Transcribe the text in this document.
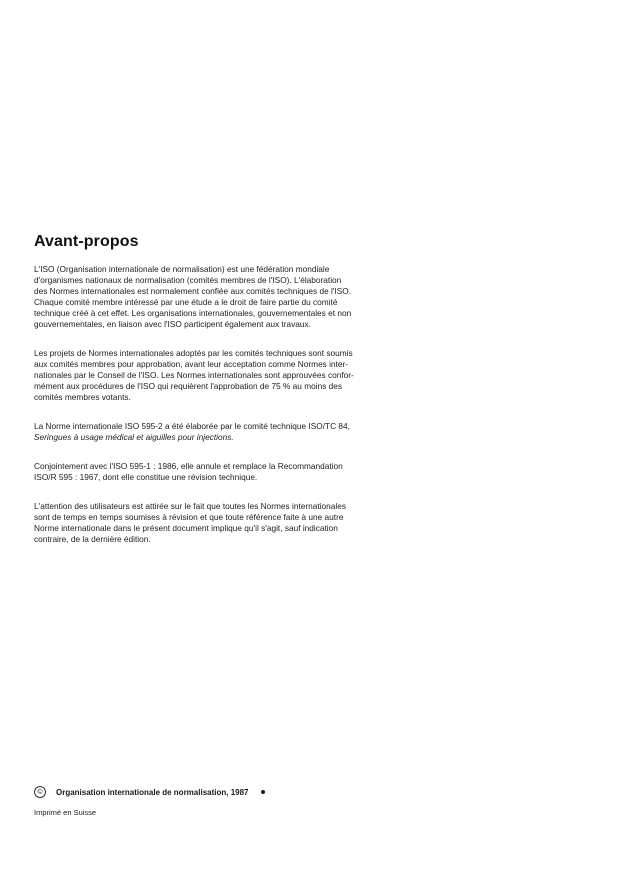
Avant-propos

L'ISO (Organisation internationale de normalisation) est une fédération mondiale
d'organismes nationaux de normalisation (comités membres de l'ISO). L'élaboration
des Normes internationales est normalement confiée aux comités techniques de l'ISO.
Chaque comité membre intéressé par une étude a le droit de faire partie du comité
technique créé à cet effet. Les organisations internationales, gouvernementales et non
gouvernementales, en liaison avec l'ISO participent également aux travaux.

Les projets de Normes internationales adoptés par les comités techniques sont soumis
aux comités membres pour approbation, avant leur acceptation comme Normes inter-
nationales par le Conseil de l'ISO. Les Normes internationales sont approuvées confor-
mément aux procédures de l'ISO qui requièrent l'approbation de 75 % au moins des
comités membres votants.

La Norme internationale ISO 595-2 a été élaborée par le comité technique ISO/TC 84,
Seringues à usage médical et aiguilles pour injections.

Conjointement avec l'ISO 595-1 : 1986, elle annule et remplace la Recommandation
ISO/R 595 : 1967, dont elle constitue une révision technique.

L'attention des utilisateurs est attirée sur le fait que toutes les Normes internationales
sont de temps en temps soumises à révision et que toute référence faite à une autre
Norme internationale dans le présent document implique qu'il s'agit, sauf indication
contraire, de la dernière édition.

©	Organisation internationale de normalisation, 1987
Imprimé en Suisse
